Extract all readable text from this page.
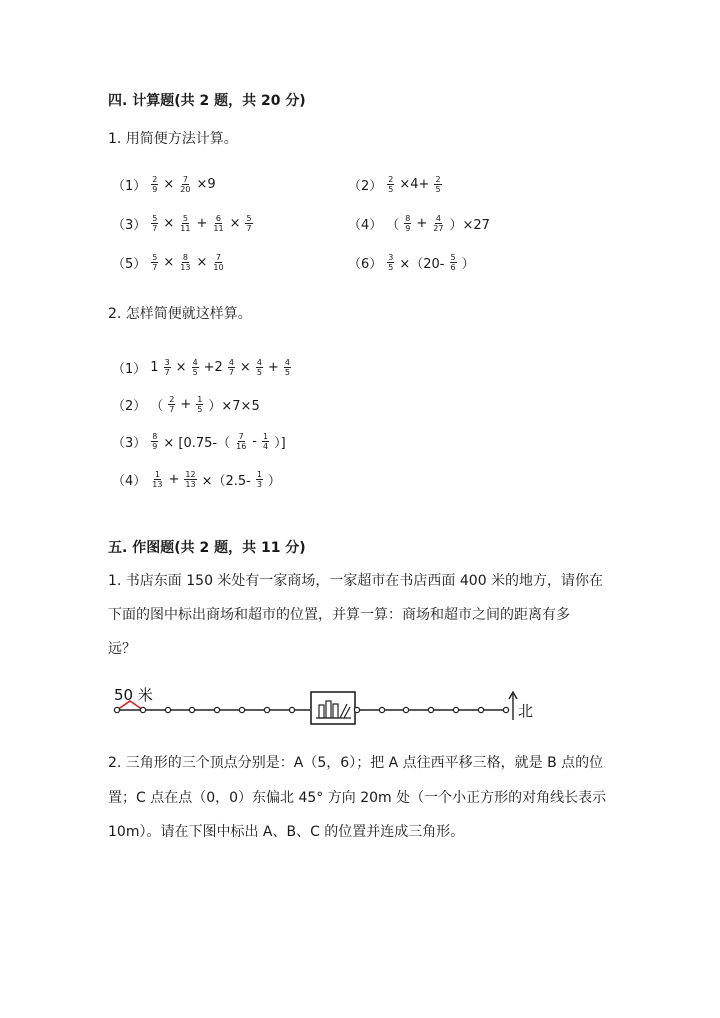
四. 计算题(共 2 题，共 20 分)
1. 用简便方法计算。
$(1) \frac{2}{9} \times \frac{7}{20} \times 9$	$(2) \frac{2}{5} \times 4+ \frac{2}{5}$
$(3) \frac{5}{7} \times \frac{5}{11} + \frac{6}{11} \times \frac{5}{7}$	（4） （ $\frac{8}{9} + \frac{4}{27} )\times 27$
$(5) \frac{5}{7} \times \frac{8}{13} \times \frac{7}{10}$	$(6) \frac{3}{5} \times(20- \frac{5}{6}$ ）
2. 怎样简便就这样算。
（1） $1 \frac{3}{7} \times \frac{4}{5} +2 \frac{4}{7} \times \frac{4}{5} + \frac{4}{5}$
（2） （ $\frac{2}{7} + \frac{1}{5} )\times 7\times 5$
$(3) \frac{8}{9} \times [0.75-( \frac{7}{16} - \frac{1}{4}$ ）]
$(4) \frac{1}{13} + \frac{12}{13} \times(2.5- \frac{1}{3}$ ）
五. 作图题(共 2 题，共 11 分)
1. 书店东面 150 米处有一家商场，一家超市在书店西面 400 米的地方，请你在
下面的图中标出商场和超市的位置，并算一算：商场和超市之间的距离有多
远？
50 米
北
2. 三角形的三个顶点分别是：A（5，6）；把 A 点往西平移三格，就是 B 点的位
置；C 点在点（0，0）东偏北 45° 方向 20m 处（一个小正方形的对角线长表示
10m）。请在下图中标出 A、B、C 的位置并连成三角形。
